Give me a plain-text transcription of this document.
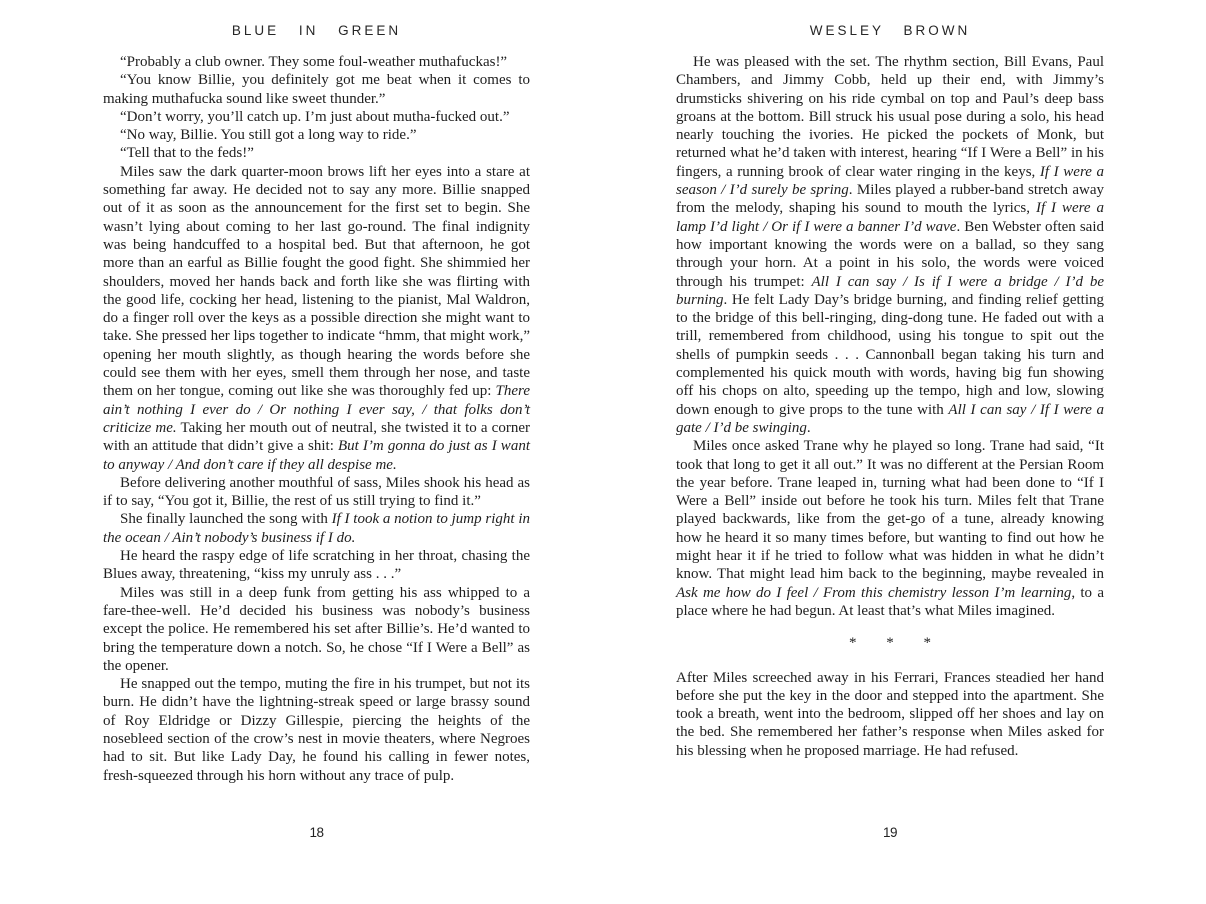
BLUE IN GREEN

“Probably a club owner. They some foul-weather muthafuckas!”

“You know Billie, you definitely got me beat when it comes to making muthafucka sound like sweet thunder.”

“Don’t worry, you’ll catch up. I’m just about mutha-fucked out.”

“No way, Billie. You still got a long way to ride.”

“Tell that to the feds!”

Miles saw the dark quarter-moon brows lift her eyes into a stare at something far away. He decided not to say any more. Billie snapped out of it as soon as the announcement for the first set to begin. She wasn’t lying about coming to her last go-round. The final indignity was being handcuffed to a hospital bed. But that afternoon, he got more than an earful as Billie fought the good fight. She shimmied her shoulders, moved her hands back and forth like she was flirting with the good life, cocking her head, listening to the pianist, Mal Waldron, do a finger roll over the keys as a possible direction she might want to take. She pressed her lips together to indicate “hmm, that might work,” opening her mouth slightly, as though hearing the words before she could see them with her eyes, smell them through her nose, and taste them on her tongue, coming out like she was thoroughly fed up: There ain’t nothing I ever do / Or nothing I ever say, / that folks don’t criticize me. Taking her mouth out of neutral, she twisted it to a corner with an attitude that didn’t give a shit: But I’m gonna do just as I want to anyway / And don’t care if they all despise me.

Before delivering another mouthful of sass, Miles shook his head as if to say, “You got it, Billie, the rest of us still trying to find it.”

She finally launched the song with If I took a notion to jump right in the ocean / Ain’t nobody’s business if I do.

He heard the raspy edge of life scratching in her throat, chasing the Blues away, threatening, “kiss my unruly ass . . .”

Miles was still in a deep funk from getting his ass whipped to a fare-thee-well. He’d decided his business was nobody’s business except the police. He remembered his set after Billie’s. He’d wanted to bring the temperature down a notch. So, he chose “If I Were a Bell” as the opener.

He snapped out the tempo, muting the fire in his trumpet, but not its burn. He didn’t have the lightning-streak speed or large brassy sound of Roy Eldridge or Dizzy Gillespie, piercing the heights of the nosebleed section of the crow’s nest in movie theaters, where Negroes had to sit. But like Lady Day, he found his calling in fewer notes, fresh-squeezed through his horn without any trace of pulp.

18
WESLEY BROWN

He was pleased with the set. The rhythm section, Bill Evans, Paul Chambers, and Jimmy Cobb, held up their end, with Jimmy’s drumsticks shivering on his ride cymbal on top and Paul’s deep bass groans at the bottom. Bill struck his usual pose during a solo, his head nearly touching the ivories. He picked the pockets of Monk, but returned what he’d taken with interest, hearing “If I Were a Bell” in his fingers, a running brook of clear water ringing in the keys, If I were a season / I’d surely be spring. Miles played a rubber-band stretch away from the melody, shaping his sound to mouth the lyrics, If I were a lamp I’d light / Or if I were a banner I’d wave. Ben Webster often said how important knowing the words were on a ballad, so they sang through your horn. At a point in his solo, the words were voiced through his trumpet: All I can say / Is if I were a bridge / I’d be burning. He felt Lady Day’s bridge burning, and finding relief getting to the bridge of this bell-ringing, ding-dong tune. He faded out with a trill, remembered from childhood, using his tongue to spit out the shells of pumpkin seeds . . . Cannonball began taking his turn and complemented his quick mouth with words, having big fun showing off his chops on alto, speeding up the tempo, high and low, slowing down enough to give props to the tune with All I can say / If I were a gate / I’d be swinging.

Miles once asked Trane why he played so long. Trane had said, “It took that long to get it all out.” It was no different at the Persian Room the year before. Trane leaped in, turning what had been done to “If I Were a Bell” inside out before he took his turn. Miles felt that Trane played backwards, like from the get-go of a tune, already knowing how he heard it so many times before, but wanting to find out how he might hear it if he tried to follow what was hidden in what he didn’t know. That might lead him back to the beginning, maybe revealed in Ask me how do I feel / From this chemistry lesson I’m learning, to a place where he had begun. At least that’s what Miles imagined.

* * *

After Miles screeched away in his Ferrari, Frances steadied her hand before she put the key in the door and stepped into the apartment. She took a breath, went into the bedroom, slipped off her shoes and lay on the bed. She remembered her father’s response when Miles asked for his blessing when he proposed marriage. He had refused.

19
